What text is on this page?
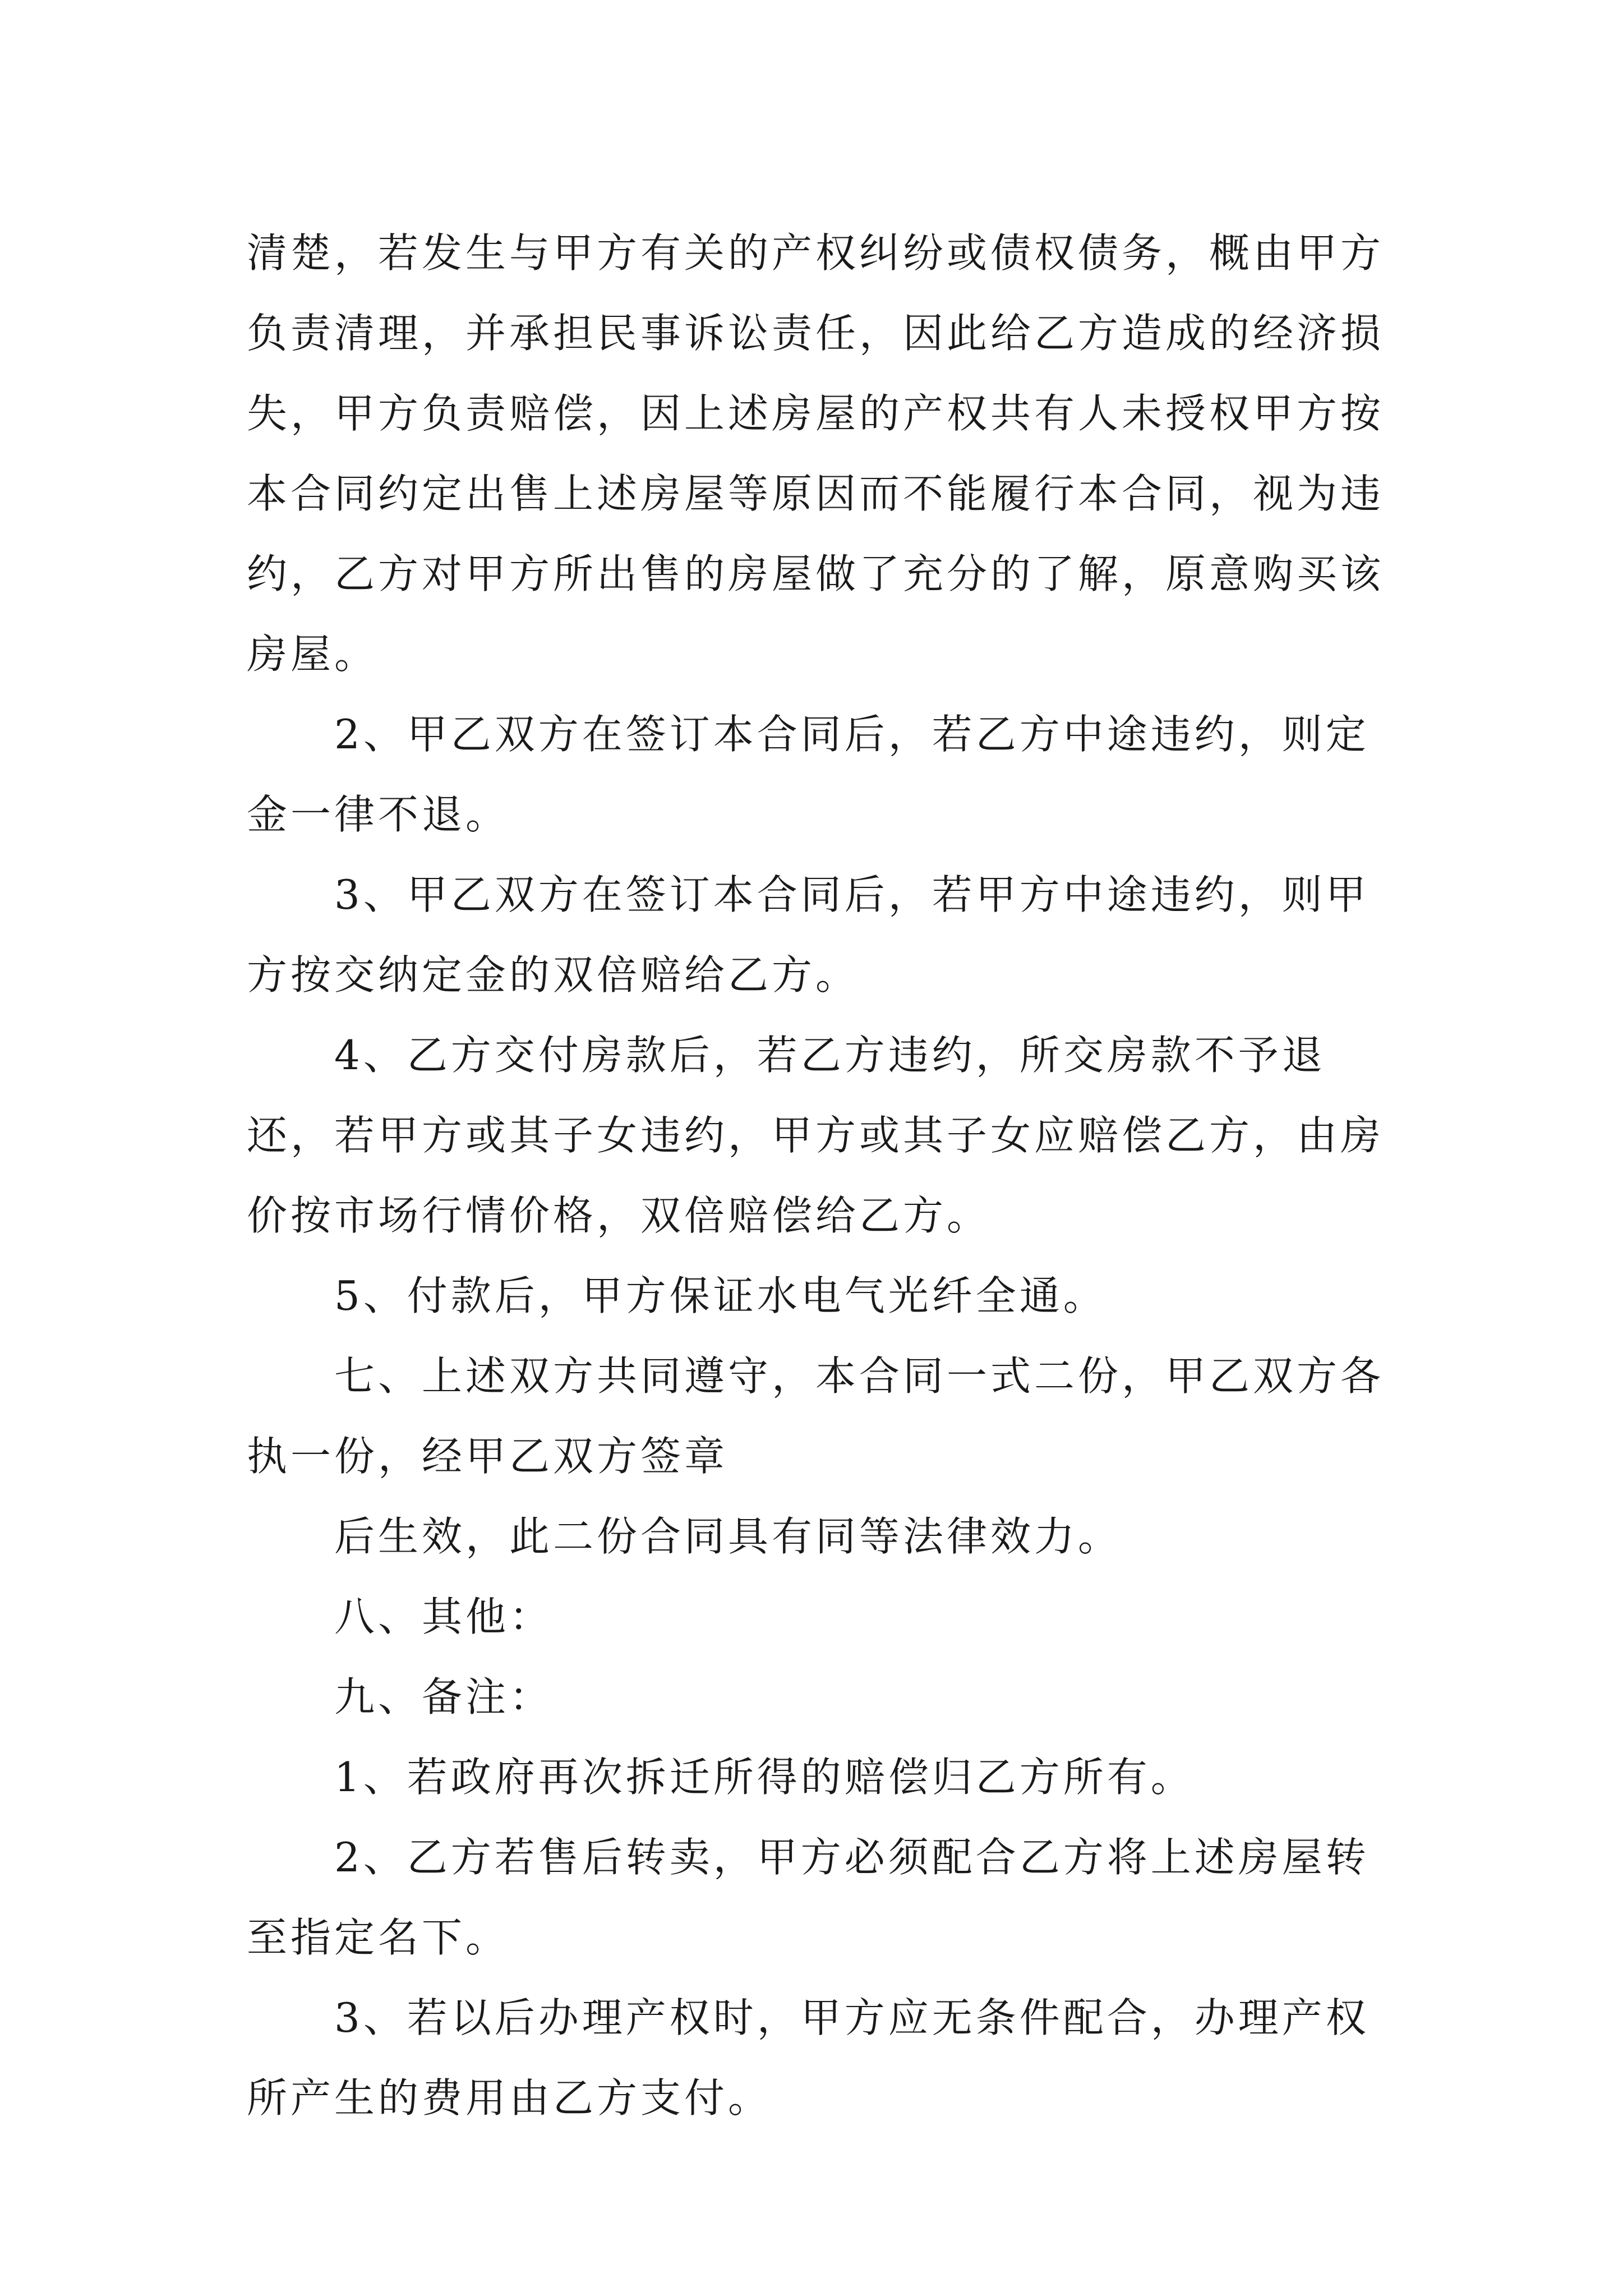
清楚，若发生与甲方有关的产权纠纷或债权债务，概由甲方负责清理，并承担民事诉讼责任，因此给乙方造成的经济损失，甲方负责赔偿，因上述房屋的产权共有人未授权甲方按本合同约定出售上述房屋等原因而不能履行本合同，视为违约，乙方对甲方所出售的房屋做了充分的了解，原意购买该房屋。

2、甲乙双方在签订本合同后，若乙方中途违约，则定金一律不退。

3、甲乙双方在签订本合同后，若甲方中途违约，则甲方按交纳定金的双倍赔给乙方。

4、乙方交付房款后，若乙方违约，所交房款不予退还，若甲方或其子女违约，甲方或其子女应赔偿乙方，由房价按市场行情价格，双倍赔偿给乙方。

5、付款后，甲方保证水电气光纤全通。

七、上述双方共同遵守，本合同一式二份，甲乙双方各执一份，经甲乙双方签章

后生效，此二份合同具有同等法律效力。

八、其他：

九、备注：

1、若政府再次拆迁所得的赔偿归乙方所有。

2、乙方若售后转卖，甲方必须配合乙方将上述房屋转至指定名下。

3、若以后办理产权时，甲方应无条件配合，办理产权所产生的费用由乙方支付。
